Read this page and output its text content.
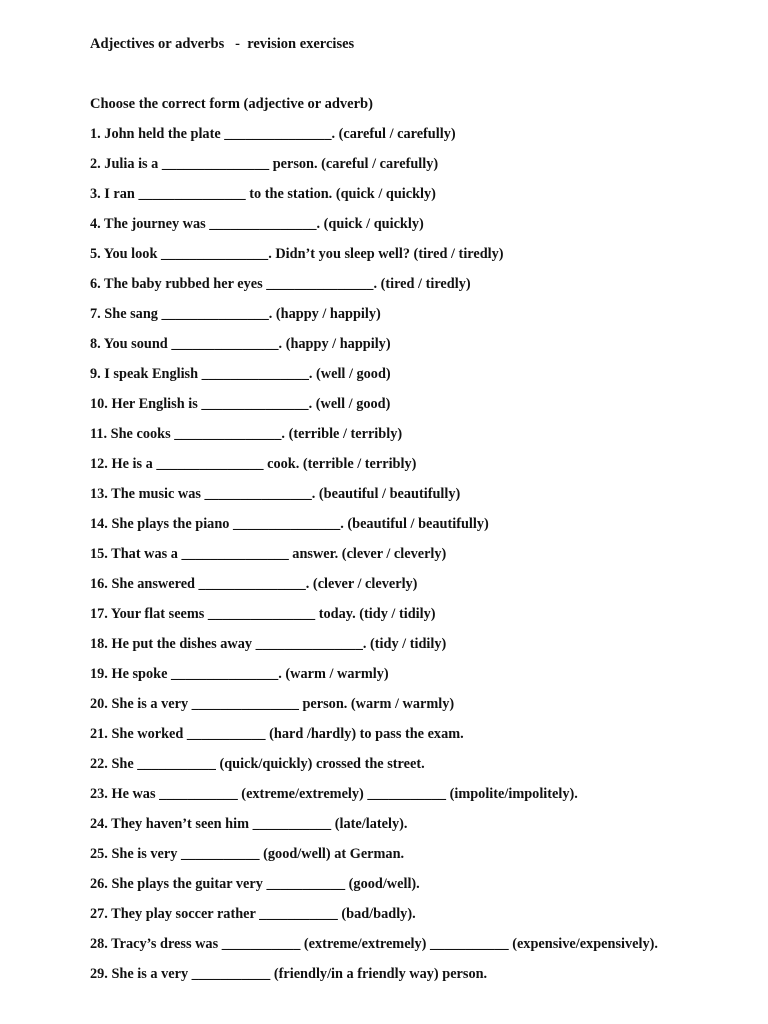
Adjectives or adverbs   -  revision exercises
Choose the correct form (adjective or adverb)
1. John held the plate _______________. (careful / carefully)
2. Julia is a _______________ person. (careful / carefully)
3. I ran _______________ to the station. (quick / quickly)
4. The journey was _______________. (quick / quickly)
5. You look _______________. Didn’t you sleep well? (tired / tiredly)
6. The baby rubbed her eyes _______________. (tired / tiredly)
7. She sang _______________. (happy / happily)
8. You sound _______________. (happy / happily)
9. I speak English _______________. (well / good)
10. Her English is _______________. (well / good)
11. She cooks _______________. (terrible / terribly)
12. He is a _______________ cook. (terrible / terribly)
13. The music was _______________. (beautiful / beautifully)
14. She plays the piano _______________. (beautiful / beautifully)
15. That was a _______________ answer. (clever / cleverly)
16. She answered _______________. (clever / cleverly)
17. Your flat seems _______________ today. (tidy / tidily)
18. He put the dishes away _______________. (tidy / tidily)
19. He spoke _______________. (warm / warmly)
20. She is a very _______________ person. (warm / warmly)
21. She worked ___________ (hard /hardly) to pass the exam.
22. She ___________ (quick/quickly) crossed the street.
23. He was ___________ (extreme/extremely) ___________ (impolite/impolitely).
24. They haven’t seen him ___________ (late/lately).
25. She is very ___________ (good/well) at German.
26. She plays the guitar very ___________ (good/well).
27. They play soccer rather ___________ (bad/badly).
28. Tracy’s dress was ___________ (extreme/extremely) ___________ (expensive/expensively).
29. She is a very ___________ (friendly/in a friendly way) person.
